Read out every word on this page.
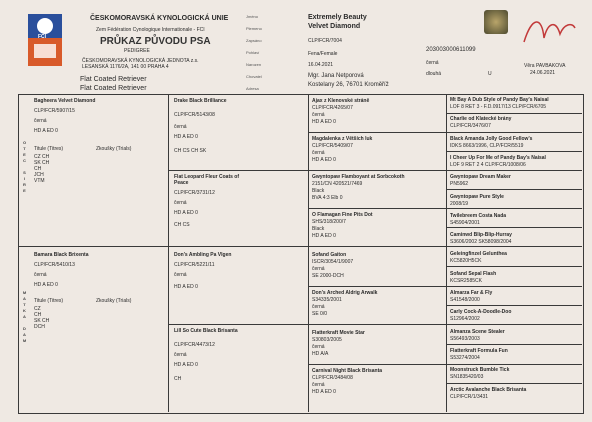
FCI
ČESKOMORAVSKÁ KYNOLOGICKÁ UNIE
Zem Fédération Cynologique Internationale - FCI
PRŮKAZ PŮVODU PSA
PEDIGREE
ČESKOMORAVSKÁ KYNOLOGICKÁ JEDNOTA z.s.
LESANSKÁ 1176/2A, 141 00 PRAHA 4
Flat Coated Retriever
Flat Coated Retriever
Jméno
Plemeno
Zapsáno
Pohlaví
Narozen
Chovatel
Adresa
Extremely Beauty
Velvet Diamond
CLP/FCR/7004
Fena/Female
16.04.2021
203003000611099
černá
dlouhá	U
Mgr. Jana Netporová
Kostelany 26, 76701 Kroměříž
Věra PAVBAKOVA
24.06.2021
OTEC SIRE
MATKA DAM
Bagheera Velvet Diamond
CLP/FCR/5907/15
černá
HD A ED 0
Titule (Titres)	Zkoušky (Trials)
CZ CH
SK CH
CH
JCH
VTM
Bamara Black Brixenta
CLP/FCR/5410/13
černá
HD A ED 0
Titule (Titres)	Zkoušky (Trials)
CZ
CH
SK CH
DCH
Drake Black Brilliance
CLP/FCR/5143/08
černá
HD A ED 0
CH CS CH SK
Flat Leopard Fleur Coats of Peace
CLP/FCR/3731/12
černá
HD A ED 0
CH CS
Don's Ambling Pa Vlgen
CLP/FCR/5221/11
černá
HD A ED 0
Lill So Cute Black Brisanta
CLP/FCR/4473/12
černá
HD A ED 0
CH
Ajax z Klenovské stráně
CLP/FCR/4265/07
černá
HD A ED 0
Magdalenka z Větších luk
CLP/FCR/5409/07
černá
HD A ED 0
Gwyntopaw Flamboyant at Sorbcokoth
2151/CN 420521/7469
Black
BVA 4:3 Elb 0
O Flamagan Fine Pits Dot
SHS/318/200/7
Black
HD A ED 0
Sofand Gaiton
ISCR/3054/1/9007
černá
SE 2000-DCH
Don's Arched Aldrig Arwalk
S34335/2001
černá
SE 0/0
Flatterkraft Movie Star
S30803/2005
černá
HD A/A
Carnival Night Black Brisanta
CLP/FCR/3484/08
černá
HD A ED 0
Mt Bay A Dub Style of Pandy Bay's Naisal
LOF 8 RET 3 - F.D.0917/13 CLP/FCR/6705
Charlie od Klatecké brány
CLP/FCR/3476/07
Black Amanda Jolly Good Fellow's
IDKS 8663/1996, CLP/FCR/5519
I Cheer Up For Me of Pandy Bay's Naisal
LOF 9 RET 2 4 CLP/FCR/1008/06
Gwyntopaw Dream Maker
PN5962
Gwyntopaw Pure Style
2008/19
Twilebreem Costa Nada
S45904/2001
Caminwd Blip-Blip-Hurray
S3606/2002 SK58098/2004
Geleingfinzel Gelunthea
KC5820H5CK
Sofand Sepal Flash
KCSR2585CK
Almarza Far & Fly
S41548/2000
Carly Cock-A-Doodle-Doo
S12964/2002
Almanza Scene Stealer
S56493/2003
Flatterkraft Formula Fun
S53274/2004
Moonstruck Bumble Tick
SN1835420/03
Arctic Avalanche Black Brisanta
CLP/FCR/1/3431
